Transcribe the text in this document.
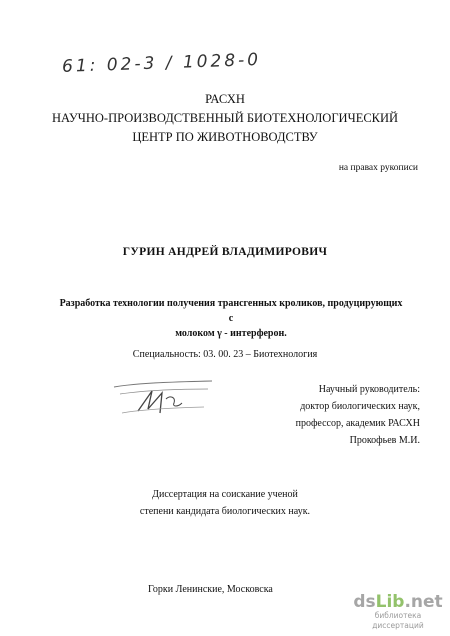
61: 02-3 / 1028-0
РАСХН
НАУЧНО-ПРОИЗВОДСТВЕННЫЙ БИОТЕХНОЛОГИЧЕСКИЙ
ЦЕНТР ПО ЖИВОТНОВОДСТВУ
на правах рукописи
ГУРИН АНДРЕЙ ВЛАДИМИРОВИЧ
Разработка технологии получения трансгенных кроликов, продуцирующих с
молоком γ - интерферон.
Специальность: 03. 00. 23 – Биотехнология
Научный руководитель:
доктор биологических наук,
профессор, академик РАСХН
Прокофьев М.И.
Диссертация на соискание ученой
степени кандидата биологических наук.
Горки Ленинские, Московска
dsLib.net
библиотека диссертаций
